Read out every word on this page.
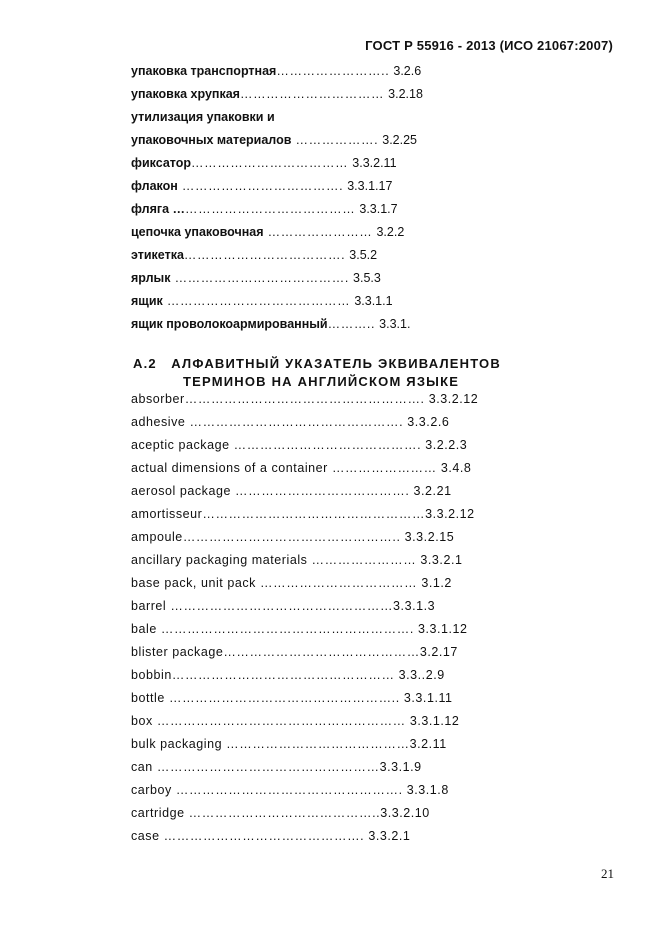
ГОСТ Р 55916 - 2013 (ИСО 21067:2007)
упаковка транспортная…………………….. 3.2.6
упаковка хрупкая…………………………… 3.2.18
утилизация упаковки и
упаковочных материалов ………………. 3.2.25
фиксатор……………………………… 3.3.2.11
флакон ………………………………. 3.3.1.17
фляга …………………………………… 3.3.1.7
цепочка упаковочная …………………… 3.2.2
этикетка………………………………. 3.5.2
ярлык …………………………………. 3.5.3
ящик …………………………………… 3.3.1.1
ящик проволокоармированный……….. 3.3.1.
А.2 АЛФАВИТНЫЙ УКАЗАТЕЛЬ ЭКВИВАЛЕНТОВ
ТЕРМИНОВ НА АНГЛИЙСКОМ ЯЗЫКЕ
absorber………………………………………………. 3.3.2.12
adhesive …………………………………………. 3.3.2.6
aceptic package ……………………………………. 3.2.2.3
actual dimensions of a container …………………… 3.4.8
aerosol package …………………………………. 3.2.21
amortisseur……………………………………………3.3.2.12
ampoule………………………………………….. 3.3.2.15
ancillary packaging materials …………………… 3.3.2.1
base pack, unit pack ……………………………… 3.1.2
barrel ……………………………………………3.3.1.3
bale …………………………………………………. 3.3.1.12
blister package………………………………………3.2.17
bobbin…………………………………………… 3.3..2.9
bottle …………………………………………….. 3.3.1.11
box ………………………………………………… 3.3.1.12
bulk packaging ……………………………………3.2.11
can ……………………………………………3.3.1.9
carboy ……………………………………………. 3.3.1.8
cartridge ……………………………………..3.3.2.10
case ………………………………………. 3.3.2.1
21
